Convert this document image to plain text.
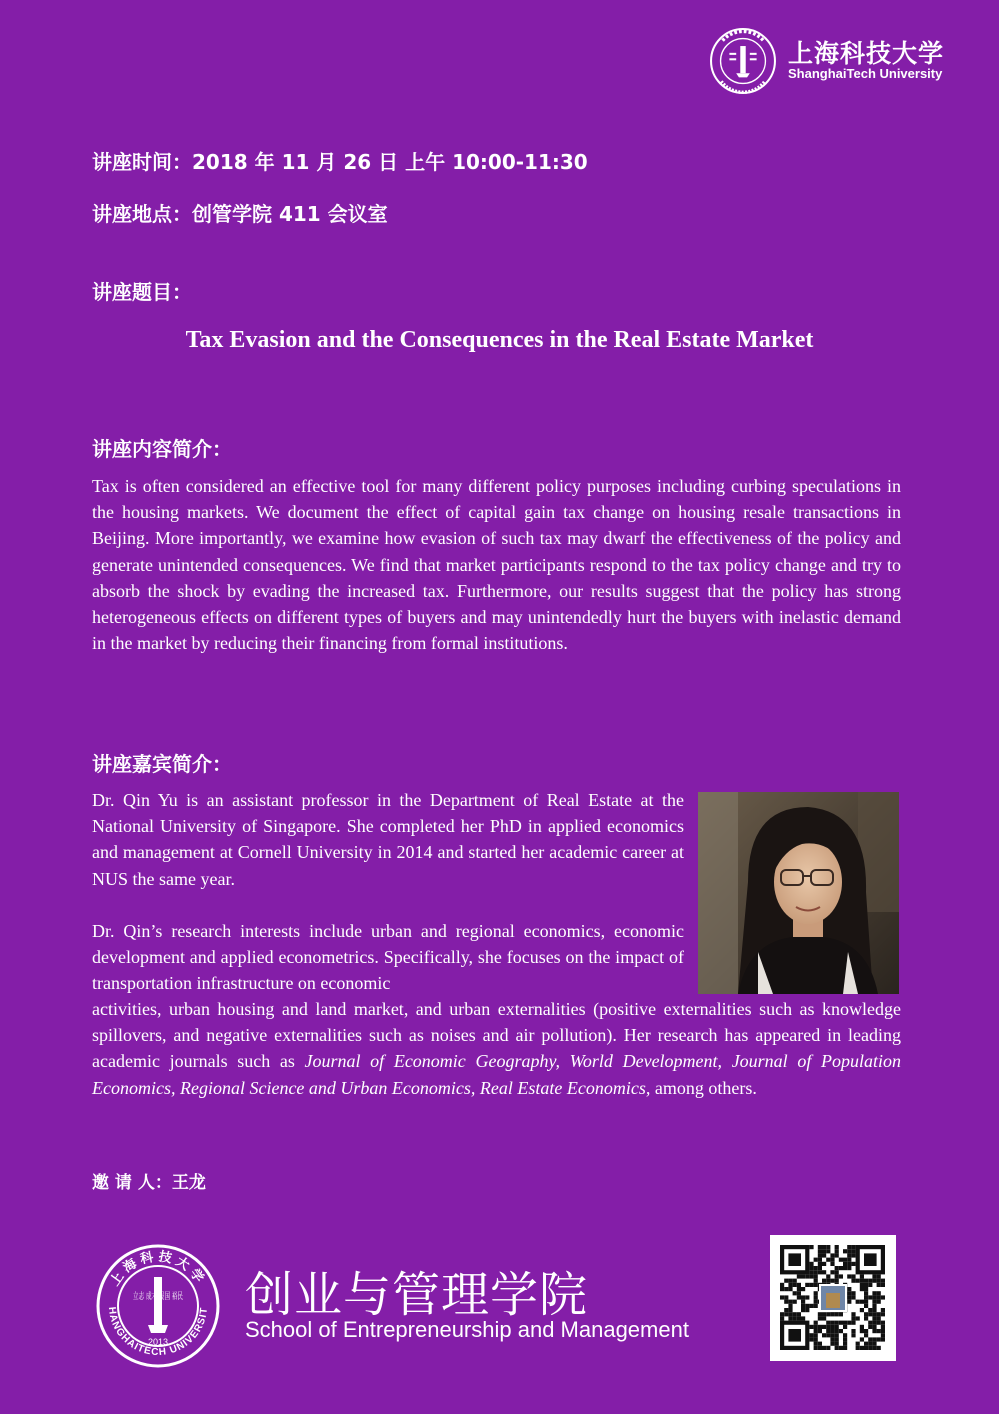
上海科技大学
ShanghaiTech University
讲座时间：2018 年 11 月 26 日 上午 10:00-11:30
讲座地点：创管学院 411 会议室
讲座题目：
Tax Evasion and the Consequences in the Real Estate Market
讲座内容简介：
Tax is often considered an effective tool for many different policy purposes including curbing speculations in the housing markets. We document the effect of capital gain tax change on housing resale transactions in Beijing. More importantly, we examine how evasion of such tax may dwarf the effectiveness of the policy and generate unintended consequences. We find that market participants respond to the tax policy change and try to absorb the shock by evading the increased tax. Furthermore, our results suggest that the policy has strong heterogeneous effects on different types of buyers and may unintendedly hurt the buyers with inelastic demand in the market by reducing their financing from formal institutions.
讲座嘉宾简介：
Dr. Qin Yu is an assistant professor in the Department of Real Estate at the National University of Singapore. She completed her PhD in applied economics and management at Cornell University in 2014 and started her academic career at NUS the same year.
Dr. Qin’s research interests include urban and regional economics, economic development and applied econometrics. Specifically, she focuses on the impact of transportation infrastructure on economic
activities, urban housing and land market, and urban externalities (positive externalities such as knowledge spillovers, and negative externalities such as noises and air pollution). Her research has appeared in leading academic journals such as Journal of Economic Geography, World Development, Journal of Population Economics, Regional Science and Urban Economics, Real Estate Economics, among others.
邀 请 人：王龙
上海科技大学
HANGHAITECH UNIVERSIT
立志 成才 报国 裕民
2013
创业与管理学院
School of Entrepreneurship and Management
